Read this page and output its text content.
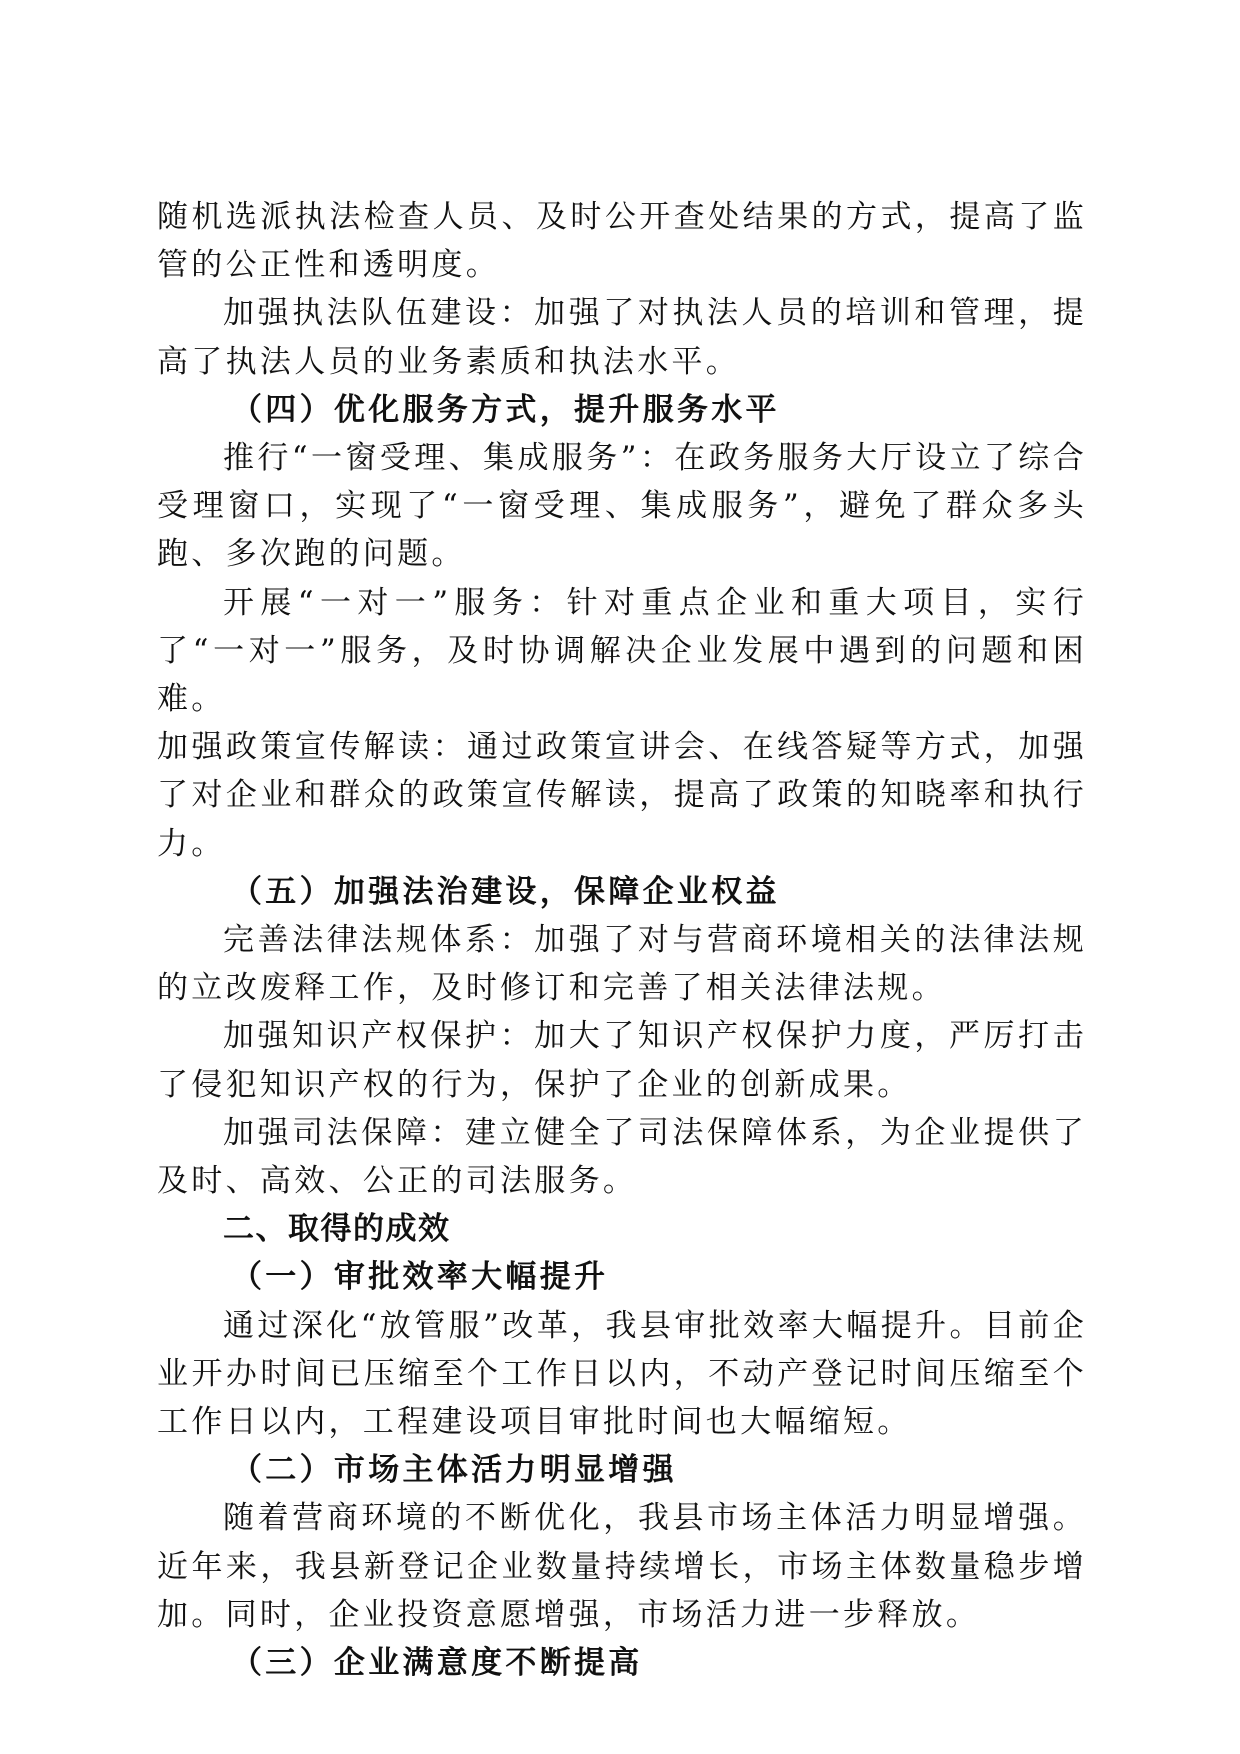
随机选派执法检查人员、及时公开查处结果的方式，提高了监管的公正性和透明度。

加强执法队伍建设：加强了对执法人员的培训和管理，提高了执法人员的业务素质和执法水平。

（四）优化服务方式，提升服务水平

推行“一窗受理、集成服务”：在政务服务大厅设立了综合受理窗口，实现了“一窗受理、集成服务”，避免了群众多头跑、多次跑的问题。

开展“一对一”服务：针对重点企业和重大项目，实行了“一对一”服务，及时协调解决企业发展中遇到的问题和困难。

加强政策宣传解读：通过政策宣讲会、在线答疑等方式，加强了对企业和群众的政策宣传解读，提高了政策的知晓率和执行力。

（五）加强法治建设，保障企业权益

完善法律法规体系：加强了对与营商环境相关的法律法规的立改废释工作，及时修订和完善了相关法律法规。

加强知识产权保护：加大了知识产权保护力度，严厉打击了侵犯知识产权的行为，保护了企业的创新成果。

加强司法保障：建立健全了司法保障体系，为企业提供了及时、高效、公正的司法服务。

二、取得的成效

（一）审批效率大幅提升

通过深化“放管服”改革，我县审批效率大幅提升。目前企业开办时间已压缩至个工作日以内，不动产登记时间压缩至个工作日以内，工程建设项目审批时间也大幅缩短。

（二）市场主体活力明显增强

随着营商环境的不断优化，我县市场主体活力明显增强。近年来，我县新登记企业数量持续增长，市场主体数量稳步增加。同时，企业投资意愿增强，市场活力进一步释放。

（三）企业满意度不断提高
